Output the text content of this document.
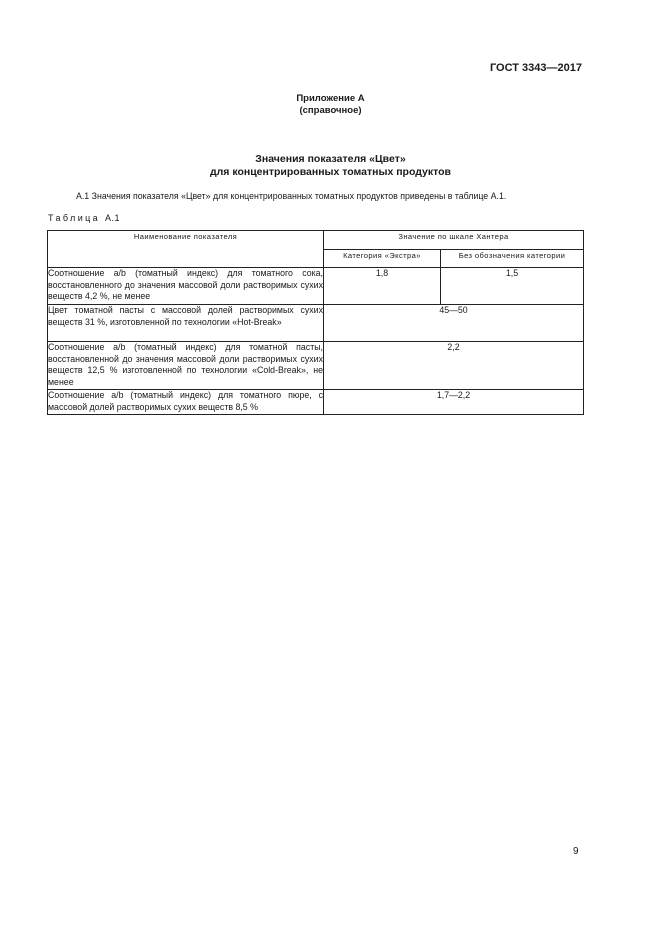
ГОСТ 3343—2017
Приложение А
(справочное)
Значения показателя «Цвет»
для концентрированных томатных продуктов
А.1 Значения показателя «Цвет» для концентрированных томатных продуктов приведены в таблице А.1.
Таблица А.1
Наименование показателя	Значение по шкале Хантера	
	Категория «Экстра»	Без обозначения категории
Соотношение a/b (томатный индекс) для томатного сока, восстановленного до значения массовой доли растворимых сухих веществ 4,2 %, не менее	1,8	1,5
Цвет томатной пасты с массовой долей растворимых сухих веществ 31 %, изготовленной по технологии «Hot-Break»	45—50	
Соотношение a/b (томатный индекс) для томатной пасты, восстановленной до значения массовой доли растворимых сухих веществ 12,5 % изготовленной по технологии «Cold-Break», не менее	2,2	
Соотношение a/b (томатный индекс) для томатного пюре, с массовой долей растворимых сухих веществ 8,5 %	1,7—2,2	
9
